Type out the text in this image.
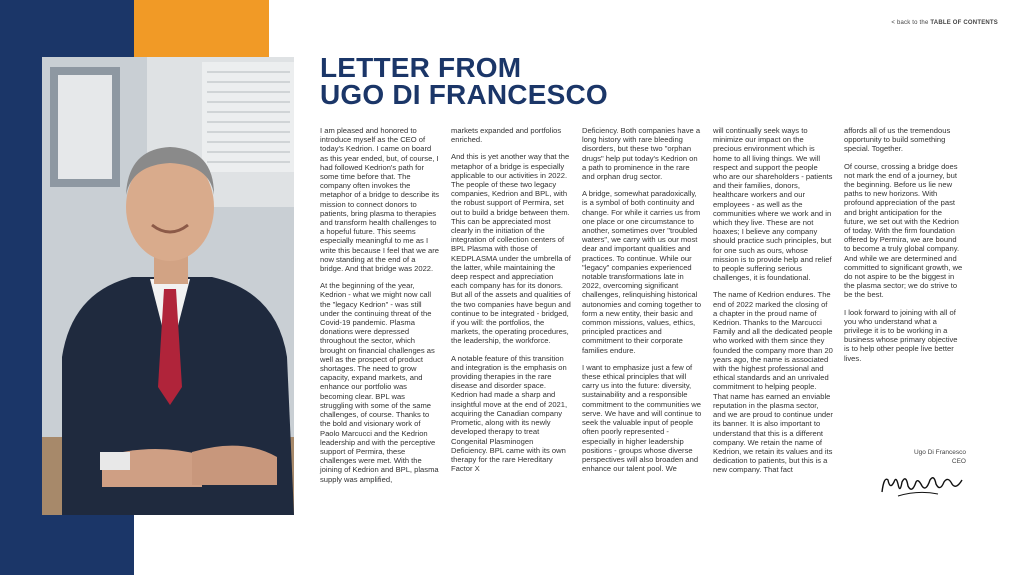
< back to the TABLE OF CONTENTS
LETTER FROM
UGO DI FRANCESCO

I am pleased and honored to introduce myself as the CEO of today's Kedrion. I came on board as this year ended, but, of course, I had followed Kedrion's path for some time before that. The company often invokes the metaphor of a bridge to describe its mission to connect donors to patients, bring plasma to therapies and transform health challenges to a hopeful future. This seems especially meaningful to me as I write this because I feel that we are now standing at the end of a bridge. And that bridge was 2022.

At the beginning of the year, Kedrion - what we might now call the "legacy Kedrion" - was still under the continuing threat of the Covid-19 pandemic. Plasma donations were depressed throughout the sector, which brought on financial challenges as well as the prospect of product shortages. The need to grow capacity, expand markets, and enhance our portfolio was becoming clear. BPL was struggling with some of the same challenges, of course. Thanks to the bold and visionary work of Paolo Marcucci and the Kedrion leadership and with the perceptive support of Permira, these challenges were met. With the joining of Kedrion and BPL, plasma supply was amplified,

markets expanded and portfolios enriched.

And this is yet another way that the metaphor of a bridge is especially applicable to our activities in 2022. The people of these two legacy companies, Kedrion and BPL, with the robust support of Permira, set out to build a bridge between them. This can be appreciated most clearly in the initiation of the integration of collection centers of BPL Plasma with those of KEDPLASMA under the umbrella of the latter, while maintaining the deep respect and appreciation each company has for its donors. But all of the assets and qualities of the two companies have begun and continue to be integrated - bridged, if you will: the portfolios, the markets, the operating procedures, the leadership, the workforce.

A notable feature of this transition and integration is the emphasis on providing therapies in the rare disease and disorder space. Kedrion had made a sharp and insightful move at the end of 2021, acquiring the Canadian company Prometic, along with its newly developed therapy to treat Congenital Plasminogen Deficiency. BPL came with its own therapy for the rare Hereditary Factor X

Deficiency. Both companies have a long history with rare bleeding disorders, but these two "orphan drugs" help put today's Kedrion on a path to prominence in the rare and orphan drug sector.

A bridge, somewhat paradoxically, is a symbol of both continuity and change. For while it carries us from one place or one circumstance to another, sometimes over "troubled waters", we carry with us our most dear and important qualities and practices. To continue. While our "legacy" companies experienced notable transformations late in 2022, overcoming significant challenges, relinquishing historical autonomies and coming together to form a new entity, their basic and common missions, values, ethics, principled practices and commitment to their corporate families endure.

I want to emphasize just a few of these ethical principles that will carry us into the future: diversity, sustainability and a responsible commitment to the communities we serve. We have and will continue to seek the valuable input of people often poorly represented - especially in higher leadership positions - groups whose diverse perspectives will also broaden and enhance our talent pool. We

will continually seek ways to minimize our impact on the precious environment which is home to all living things. We will respect and support the people who are our shareholders - patients and their families, donors, healthcare workers and our employees - as well as the communities where we work and in which they live. These are not hoaxes; I believe any company should practice such principles, but for one such as ours, whose mission is to provide help and relief to people suffering serious challenges, it is foundational.

The name of Kedrion endures. The end of 2022 marked the closing of a chapter in the proud name of Kedrion. Thanks to the Marcucci Family and all the dedicated people who worked with them since they founded the company more than 20 years ago, the name is associated with the highest professional and ethical standards and an unrivaled commitment to helping people. That name has earned an enviable reputation in the plasma sector, and we are proud to continue under its banner. It is also important to understand that this is a different company. We retain the name of Kedrion, we retain its values and its dedication to patients, but this is a new company. That fact

affords all of us the tremendous opportunity to build something special. Together.

Of course, crossing a bridge does not mark the end of a journey, but the beginning. Before us lie new paths to new horizons. With profound appreciation of the past and bright anticipation for the future, we set out with the Kedrion of today. With the firm foundation offered by Permira, we are bound to become a truly global company. And while we are determined and committed to significant growth, we do not aspire to be the biggest in the plasma sector; we do strive to be the best.

I look forward to joining with all of you who understand what a privilege it is to be working in a business whose primary objective is to help other people live better lives.

Ugo Di Francesco
CEO
